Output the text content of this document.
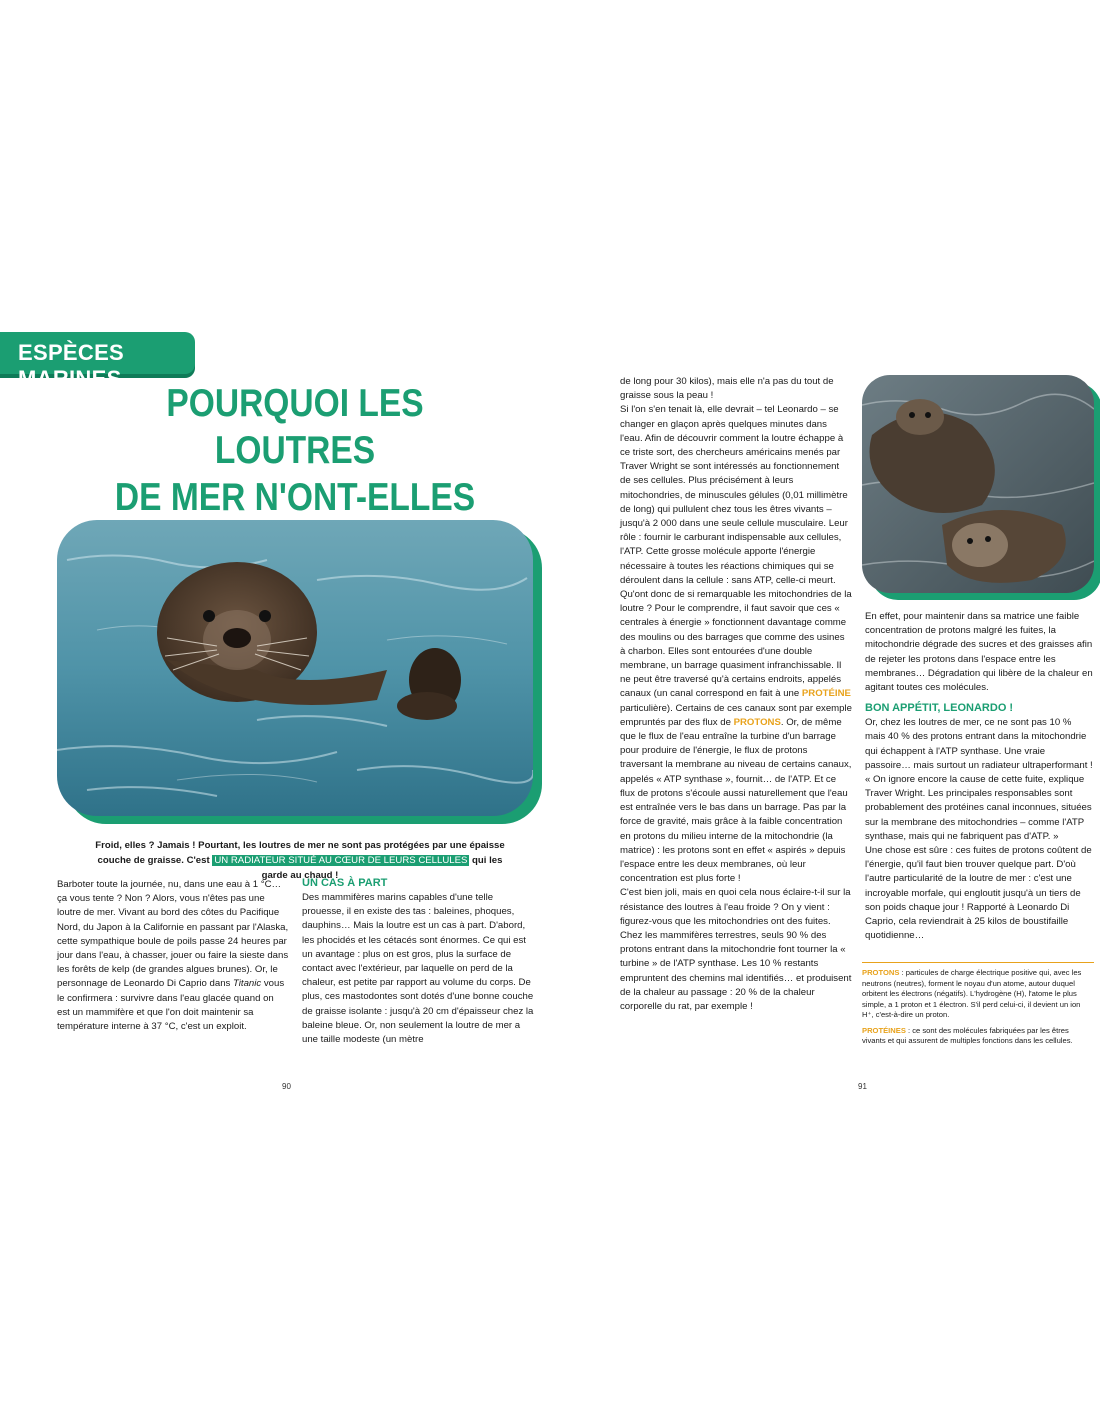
ESPÈCES MARINES
POURQUOI LES LOUTRES
DE MER N'ONT-ELLES
Froid, elles ? Jamais ! Pourtant, les loutres de mer ne sont pas protégées par une épaisse couche de graisse. C'est UN RADIATEUR SITUÉ AU CŒUR DE LEURS CELLULES qui les garde au chaud !

Barboter toute la journée, nu, dans une eau à 1 °C… ça vous tente ? Non ? Alors, vous n'êtes pas une loutre de mer. Vivant au bord des côtes du Pacifique Nord, du Japon à la Californie en passant par l'Alaska, cette sympathique boule de poils passe 24 heures par jour dans l'eau, à chasser, jouer ou faire la sieste dans les forêts de kelp (de grandes algues brunes). Or, le personnage de Leonardo Di Caprio dans Titanic vous le confirmera : survivre dans l'eau glacée quand on est un mammifère et que l'on doit maintenir sa température interne à 37 °C, c'est un exploit.

UN CAS À PART

Des mammifères marins capables d'une telle prouesse, il en existe des tas : baleines, phoques, dauphins… Mais la loutre est un cas à part. D'abord, les phocidés et les cétacés sont énormes. Ce qui est un avantage : plus on est gros, plus la surface de contact avec l'extérieur, par laquelle on perd de la chaleur, est petite par rapport au volume du corps. De plus, ces mastodontes sont dotés d'une bonne couche de graisse isolante : jusqu'à 20 cm d'épaisseur chez la baleine bleue. Or, non seulement la loutre de mer a une taille modeste (un mètre

de long pour 30 kilos), mais elle n'a pas du tout de graisse sous la peau !

Si l'on s'en tenait là, elle devrait – tel Leonardo – se changer en glaçon après quelques minutes dans l'eau. Afin de découvrir comment la loutre échappe à ce triste sort, des chercheurs américains menés par Traver Wright se sont intéressés au fonctionnement de ses cellules. Plus précisément à leurs mitochondries, de minuscules gélules (0,01 millimètre de long) qui pullulent chez tous les êtres vivants – jusqu'à 2 000 dans une seule cellule musculaire. Leur rôle : fournir le carburant indispensable aux cellules, l'ATP. Cette grosse molécule apporte l'énergie nécessaire à toutes les réactions chimiques qui se déroulent dans la cellule : sans ATP, celle-ci meurt.

Qu'ont donc de si remarquable les mitochondries de la loutre ? Pour le comprendre, il faut savoir que ces « centrales à énergie » fonctionnent davantage comme des moulins ou des barrages que comme des usines à charbon. Elles sont entourées d'une double membrane, un barrage quasiment infranchissable. Il ne peut être traversé qu'à certains endroits, appelés canaux (un canal correspond en fait à une PROTÉINE particulière). Certains de ces canaux sont par exemple empruntés par des flux de PROTONS. Or, de même que le flux de l'eau entraîne la turbine d'un barrage pour produire de l'énergie, le flux de protons traversant la membrane au niveau de certains canaux, appelés « ATP synthase », fournit… de l'ATP. Et ce flux de protons s'écoule aussi naturellement que l'eau est entraînée vers le bas dans un barrage. Pas par la force de gravité, mais grâce à la faible concentration en protons du milieu interne de la mitochondrie (la matrice) : les protons sont en effet « aspirés » depuis l'espace entre les deux membranes, où leur concentration est plus forte !

C'est bien joli, mais en quoi cela nous éclaire-t-il sur la résistance des loutres à l'eau froide ? On y vient : figurez-vous que les mitochondries ont des fuites. Chez les mammifères terrestres, seuls 90 % des protons entrant dans la mitochondrie font tourner la « turbine » de l'ATP synthase. Les 10 % restants empruntent des chemins mal identifiés… et produisent de la chaleur au passage : 20 % de la chaleur corporelle du rat, par exemple !

En effet, pour maintenir dans sa matrice une faible concentration de protons malgré les fuites, la mitochondrie dégrade des sucres et des graisses afin de rejeter les protons dans l'espace entre les membranes… Dégradation qui libère de la chaleur en agitant toutes ces molécules.

BON APPÉTIT, LEONARDO !

Or, chez les loutres de mer, ce ne sont pas 10 % mais 40 % des protons entrant dans la mitochondrie qui échappent à l'ATP synthase. Une vraie passoire… mais surtout un radiateur ultraperformant ! « On ignore encore la cause de cette fuite, explique Traver Wright. Les principales responsables sont probablement des protéines canal inconnues, situées sur la membrane des mitochondries – comme l'ATP synthase, mais qui ne fabriquent pas d'ATP. »

Une chose est sûre : ces fuites de protons coûtent de l'énergie, qu'il faut bien trouver quelque part. D'où l'autre particularité de la loutre de mer : c'est une incroyable morfale, qui engloutit jusqu'à un tiers de son poids chaque jour ! Rapporté à Leonardo Di Caprio, cela reviendrait à 25 kilos de boustifaille quotidienne…

PROTONS : particules de charge électrique positive qui, avec les neutrons (neutres), forment le noyau d'un atome, autour duquel orbitent les électrons (négatifs). L'hydrogène (H), l'atome le plus simple, a 1 proton et 1 électron. S'il perd celui-ci, il devient un ion H⁺, c'est-à-dire un proton.

PROTÉINES : ce sont des molécules fabriquées par les êtres vivants et qui assurent de multiples fonctions dans les cellules.

90	91
